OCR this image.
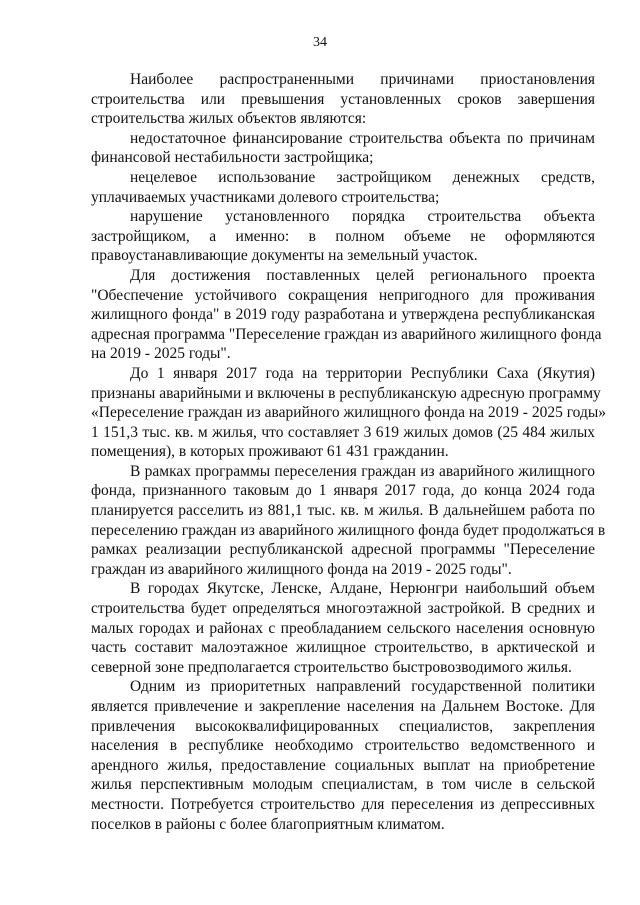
34
Наиболее распространенными причинами приостановления
строительства или превышения установленных сроков завершения
строительства жилых объектов являются:
недостаточное финансирование строительства объекта по причинам
финансовой нестабильности застройщика;
нецелевое использование застройщиком денежных средств,
уплачиваемых участниками долевого строительства;
нарушение установленного порядка строительства объекта
застройщиком, а именно: в полном объеме не оформляются
правоустанавливающие документы на земельный участок.
Для достижения поставленных целей регионального проекта
"Обеспечение устойчивого сокращения непригодного для проживания
жилищного фонда" в 2019 году разработана и утверждена республиканская
адресная программа "Переселение граждан из аварийного жилищного фонда
на 2019 - 2025 годы".
До 1 января 2017 года на территории Республики Саха (Якутия)
признаны аварийными и включены в республиканскую адресную программу
«Переселение граждан из аварийного жилищного фонда на 2019 - 2025 годы»
1 151,3 тыс. кв. м жилья, что составляет 3 619 жилых домов (25 484 жилых
помещения), в которых проживают 61 431 гражданин.
В рамках программы переселения граждан из аварийного жилищного
фонда, признанного таковым до 1 января 2017 года, до конца 2024 года
планируется расселить из 881,1 тыс. кв. м жилья. В дальнейшем работа по
переселению граждан из аварийного жилищного фонда будет продолжаться в
рамках реализации республиканской адресной программы "Переселение
граждан из аварийного жилищного фонда на 2019 - 2025 годы".
В городах Якутске, Ленске, Алдане, Нерюнгри наибольший объем
строительства будет определяться многоэтажной застройкой. В средних и
малых городах и районах с преобладанием сельского населения основную
часть составит малоэтажное жилищное строительство, в арктической и
северной зоне предполагается строительство быстровозводимого жилья.
Одним из приоритетных направлений государственной политики
является привлечение и закрепление населения на Дальнем Востоке. Для
привлечения высококвалифицированных специалистов, закрепления
населения в республике необходимо строительство ведомственного и
арендного жилья, предоставление социальных выплат на приобретение
жилья перспективным молодым специалистам, в том числе в сельской
местности. Потребуется строительство для переселения из депрессивных
поселков в районы с более благоприятным климатом.
